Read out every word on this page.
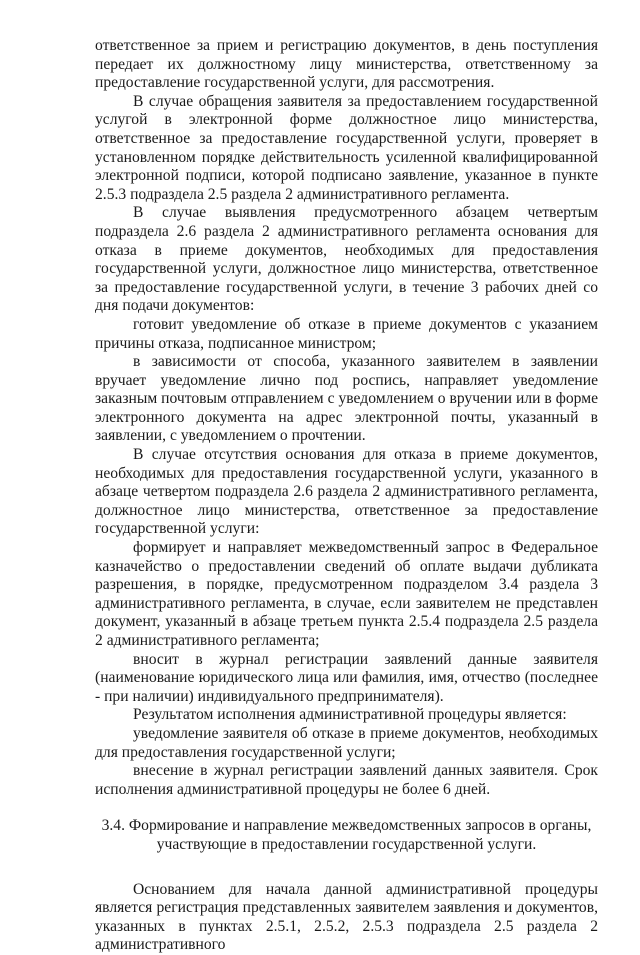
ответственное за прием и регистрацию документов, в день поступления передает их должностному лицу министерства, ответственному за предоставление государственной услуги, для рассмотрения.

В случае обращения заявителя за предоставлением государственной услугой в электронной форме должностное лицо министерства, ответственное за предоставление государственной услуги, проверяет в установленном порядке действительность усиленной квалифицированной электронной подписи, которой подписано заявление, указанное в пункте 2.5.3 подраздела 2.5 раздела 2 административного регламента.

В случае выявления предусмотренного абзацем четвертым подраздела 2.6 раздела 2 административного регламента основания для отказа в приеме документов, необходимых для предоставления государственной услуги, должностное лицо министерства, ответственное за предоставление государственной услуги, в течение 3 рабочих дней со дня подачи документов:

готовит уведомление об отказе в приеме документов с указанием причины отказа, подписанное министром;

в зависимости от способа, указанного заявителем в заявлении вручает уведомление лично под роспись, направляет уведомление заказным почтовым отправлением с уведомлением о вручении или в форме электронного документа на адрес электронной почты, указанный в заявлении, с уведомлением о прочтении.

В случае отсутствия основания для отказа в приеме документов, необходимых для предоставления государственной услуги, указанного в абзаце четвертом подраздела 2.6 раздела 2 административного регламента, должностное лицо министерства, ответственное за предоставление государственной услуги:

формирует и направляет межведомственный запрос в Федеральное казначейство о предоставлении сведений об оплате выдачи дубликата разрешения, в порядке, предусмотренном подразделом 3.4 раздела 3 административного регламента, в случае, если заявителем не представлен документ, указанный в абзаце третьем пункта 2.5.4 подраздела 2.5 раздела 2 административного регламента;

вносит в журнал регистрации заявлений данные заявителя (наименование юридического лица или фамилия, имя, отчество (последнее - при наличии) индивидуального предпринимателя).

Результатом исполнения административной процедуры является:

уведомление заявителя об отказе в приеме документов, необходимых для предоставления государственной услуги;

внесение в журнал регистрации заявлений данных заявителя. Срок исполнения административной процедуры не более 6 дней.

3.4. Формирование и направление межведомственных запросов в органы,
участвующие в предоставлении государственной услуги.

Основанием для начала данной административной процедуры является регистрация представленных заявителем заявления и документов, указанных в пунктах 2.5.1, 2.5.2, 2.5.3 подраздела 2.5 раздела 2 административного
